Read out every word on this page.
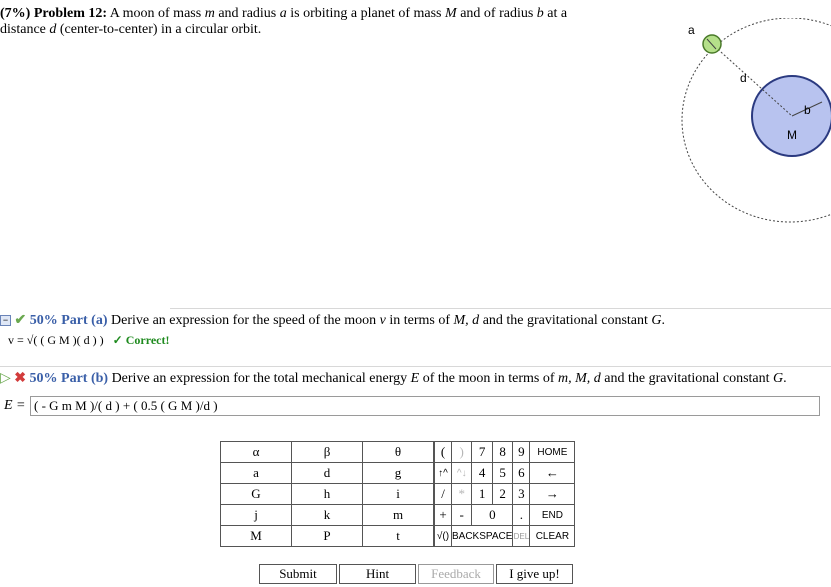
(7%) Problem 12: A moon of mass m and radius a is orbiting a planet of mass M and of radius b at a distance d (center-to-center) in a circular orbit.	a
d
b
M
− ✔ 50% Part (a) Derive an expression for the speed of the moon v in terms of M, d and the gravitational constant G.
v = √( ( G M )( d ) ) ✓ Correct!
▷ ✖ 50% Part (b) Derive an expression for the total mechanical energy E of the moon in terms of m, M, d and the gravitational constant G.
E = ( - G m M )/( d ) + ( 0.5 ( G M )/d )
α	β	θ
a	d	g
G	h	i
j	k	m
M	P	t
(	)	7	8	9	HOME
↑^	^↓	4	5	6	←
/	*	1	2	3	→
+	-	0		.	END
√()	BACKSPACE			DEL	CLEAR
Submit	Hint	Feedback	I give up!
